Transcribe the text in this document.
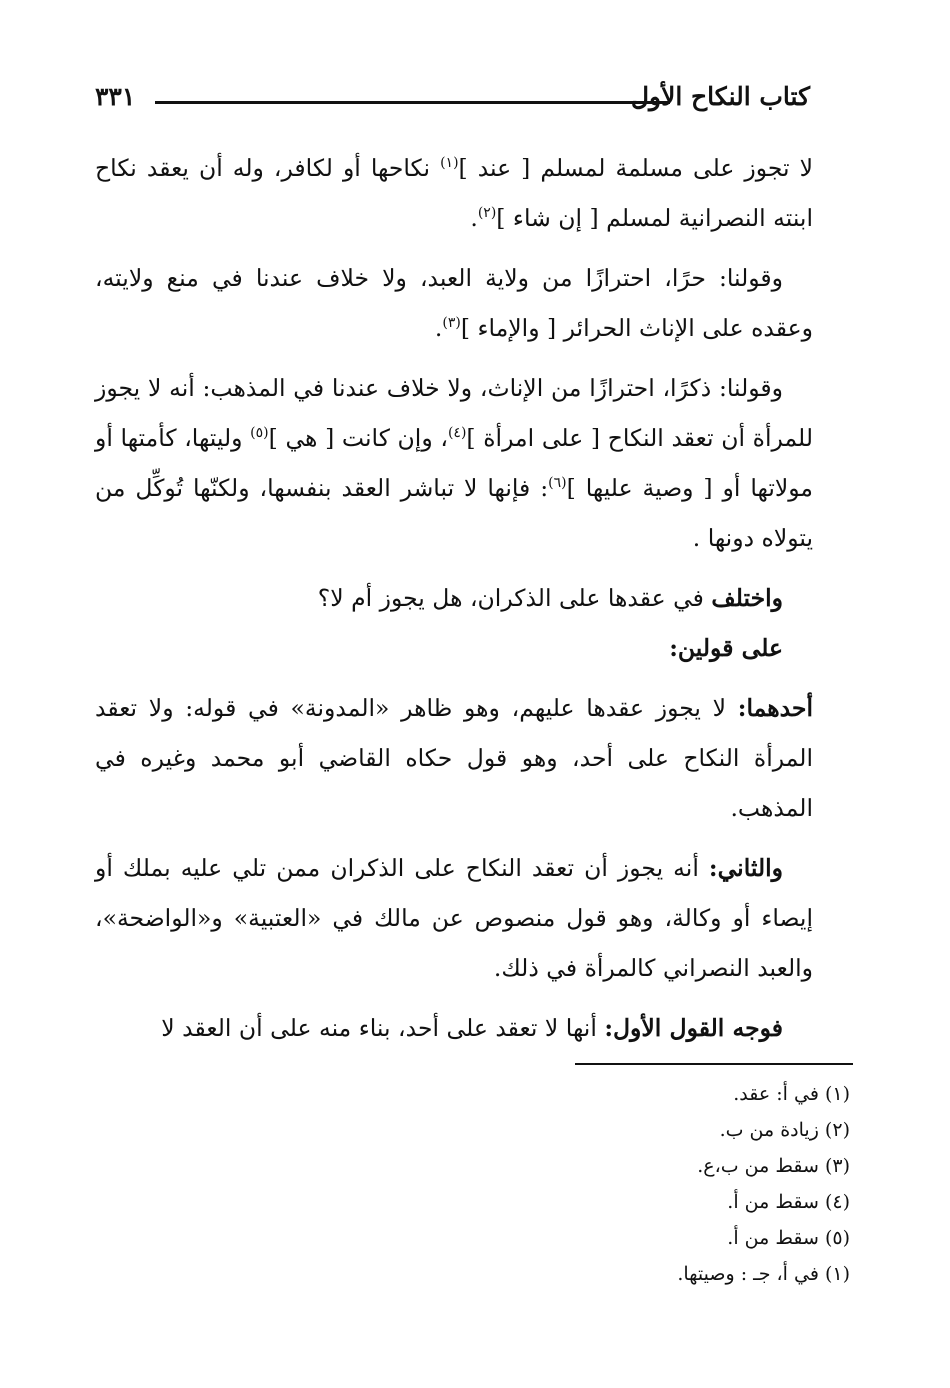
كتاب النكاح الأول
٣٣١

لا تجوز على مسلمة لمسلم [ عند ]$^{(١)}$ نكاحها أو لكافر، وله أن يعقد نكاح ابنته النصرانية لمسلم [ إن شاء ]$^{(٢)}$.

وقولنا: حرًا، احترازًا من ولاية العبد، ولا خلاف عندنا في منع ولايته، وعقده على الإناث الحرائر [ والإماء ]$^{(٣)}$.

وقولنا: ذكرًا، احترازًا من الإناث، ولا خلاف عندنا في المذهب: أنه لا يجوز للمرأة أن تعقد النكاح [ على امرأة ]$^{(٤)}$، وإن كانت [ هي ]$^{(٥)}$ وليتها، كأمتها أو مولاتها أو [ وصية عليها ]$^{(٦)}$: فإنها لا تباشر العقد بنفسها، ولكنّها تُوكِّل من يتولاه دونها .

واختلف في عقدها على الذكران، هل يجوز أم لا؟

على قولين:

أحدهما: لا يجوز عقدها عليهم، وهو ظاهر «المدونة» في قوله: ولا تعقد المرأة النكاح على أحد، وهو قول حكاه القاضي أبو محمد وغيره في المذهب.

والثاني: أنه يجوز أن تعقد النكاح على الذكران ممن تلي عليه بملك أو إيصاء أو وكالة، وهو قول منصوص عن مالك في «العتبية» و«الواضحة»، والعبد النصراني كالمرأة في ذلك.

فوجه القول الأول: أنها لا تعقد على أحد، بناء منه على أن العقد لا

(١) في أ: عقد.
(٢) زيادة من ب.
(٣) سقط من ب،ع.
(٤) سقط من أ.
(٥) سقط من أ.
(١) في أ، جـ : وصيتها.
